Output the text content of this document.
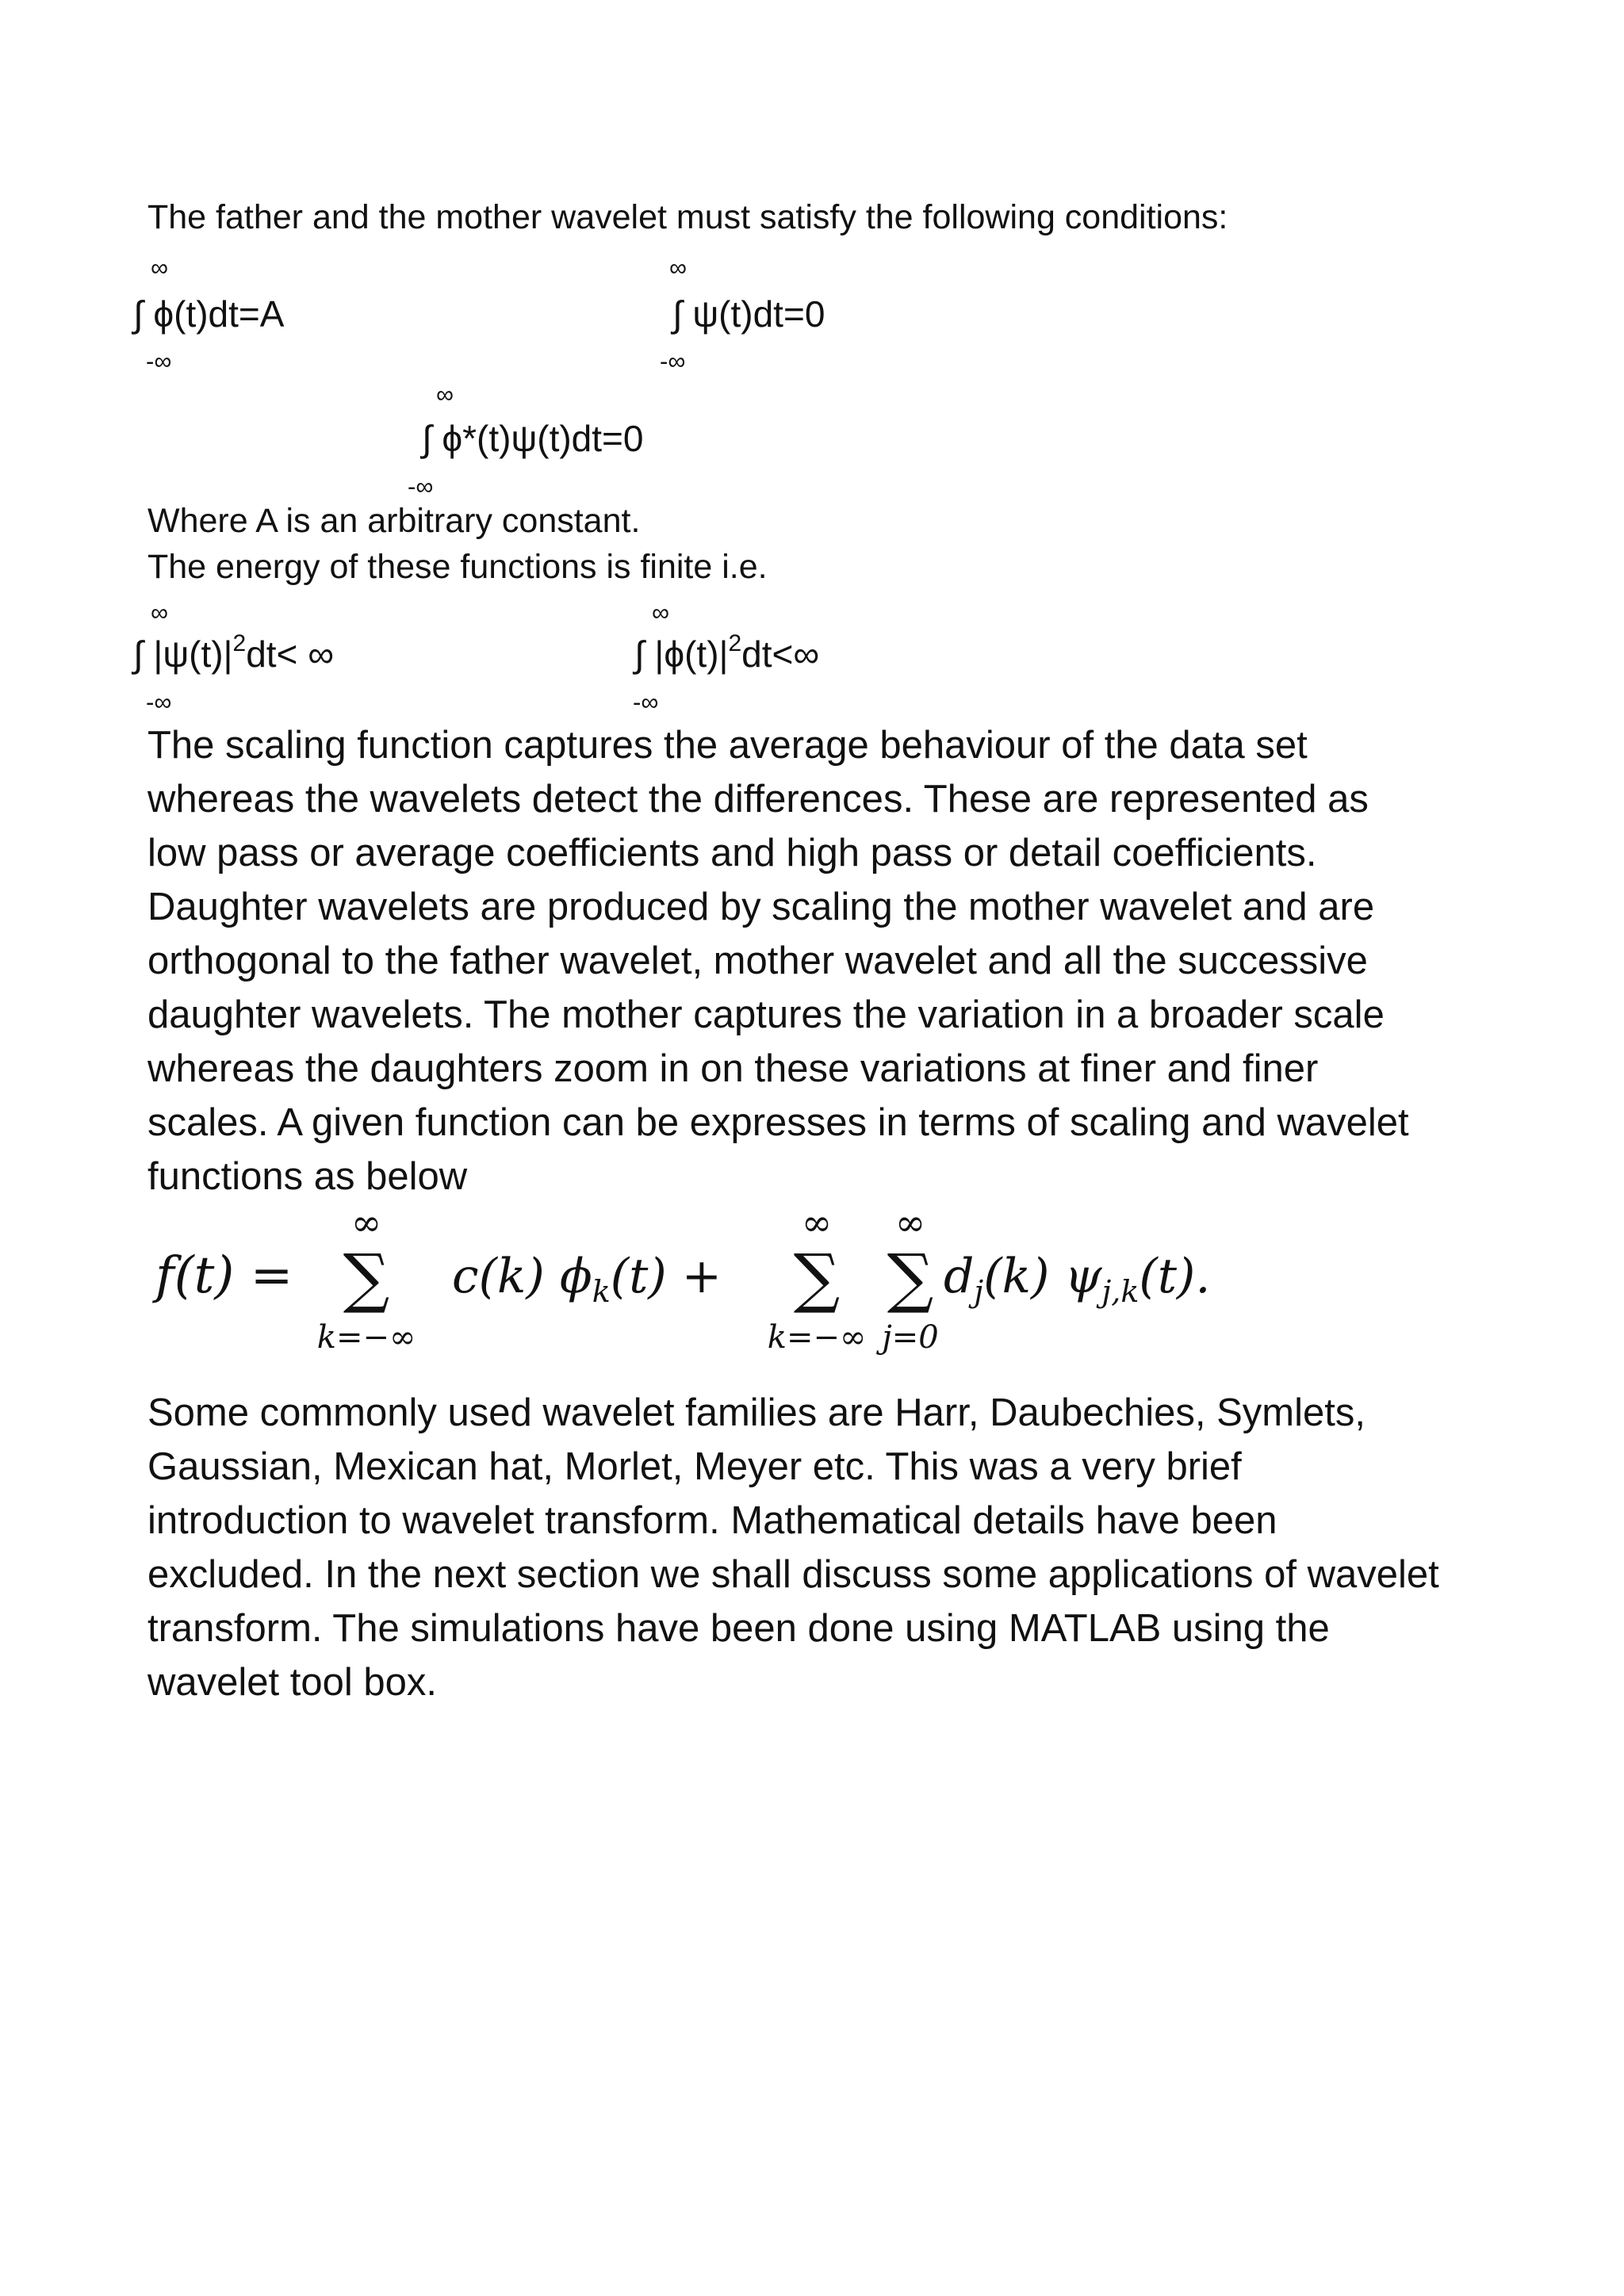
The father and the mother wavelet must satisfy the following conditions:
∞
∫ ϕ(t)dt=A
-∞
∞
∫ ψ(t)dt=0
-∞
∞
∫ ϕ*(t)ψ(t)dt=0
-∞
Where A is an arbitrary constant.
The energy of these functions is finite i.e.
∞
∫ $|\psi(t)|^2dt<$ ∞
-∞
∞
∫ $|\phi(t)|^2dt<\infty$
-∞

The scaling function captures the average behaviour of the data set
whereas the wavelets detect the differences. These are represented as
low pass or average coefficients and high pass or detail coefficients.
Daughter wavelets are produced by scaling the mother wavelet and are
orthogonal to the father wavelet, mother wavelet and all the successive
daughter wavelets. The mother captures the variation in a broader scale
whereas the daughters zoom in on these variations at finer and finer
scales. A given function can be expresses in terms of scaling and wavelet
functions as below

f(t) =
∞
∑
k=−∞
c(k) $\phi_k(t)$ +
∞
∑
k=−∞
∞
∑
j=0
$d_j(k)$ $\psi_{j,k}(t)$.

Some commonly used wavelet families are Harr, Daubechies, Symlets,
Gaussian, Mexican hat, Morlet, Meyer etc. This was a very brief
introduction to wavelet transform. Mathematical details have been
excluded. In the next section we shall discuss some applications of wavelet
transform. The simulations have been done using MATLAB using the
wavelet tool box.
